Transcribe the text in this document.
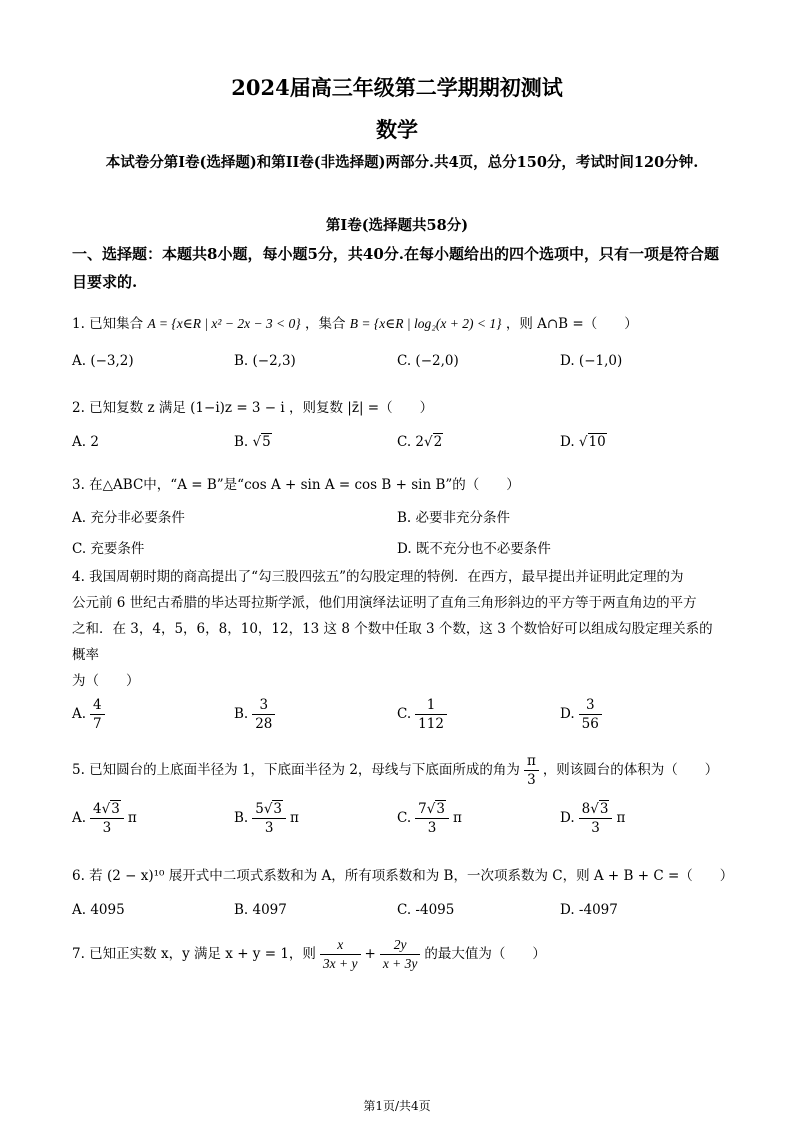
2024届高三年级第二学期期初测试
数学
本试卷分第I卷(选择题)和第II卷(非选择题)两部分.共4页，总分150分，考试时间120分钟.
第I卷(选择题共58分)
一、选择题：本题共8小题，每小题5分，共40分.在每小题给出的四个选项中，只有一项是符合题目要求的.
1. 已知集合 A = {x∈R | x² − 2x − 3 < 0} ，集合 B = {x∈R | log₂(x + 2) < 1} ，则 A∩B =（　　）
A. (−3,2)	B. (−2,3)	C. (−2,0)	D. (−1,0)
2. 已知复数 z 满足 (1−i)z = 3 − i ，则复数 |z̄| =（　　）
A. 2	B. √5	C. 2√2	D. √10
3. 在△ABC中，“A = B”是“cos A + sin A = cos B + sin B”的（　　）
A. 充分非必要条件	B. 必要非充分条件
C. 充要条件	D. 既不充分也不必要条件
4. 我国周朝时期的商高提出了“勾三股四弦五”的勾股定理的特例．在西方，最早提出并证明此定理的为
公元前 6 世纪古希腊的毕达哥拉斯学派，他们用演绎法证明了直角三角形斜边的平方等于两直角边的平方
之和．在 3，4，5，6，8，10，12，13 这 8 个数中任取 3 个数，这 3 个数恰好可以组成勾股定理关系的概率
为（　　）
A. $\frac{4}{7}$	B. $\frac{3}{28}$	C. $\frac{1}{112}$	D. $\frac{3}{56}$
5. 已知圆台的上底面半径为 1，下底面半径为 2，母线与下底面所成的角为 $\frac{\pi}{3}$ ，则该圆台的体积为（　　）
A. $\frac{4√3}{3}$ π	B. $\frac{5√3}{3}$ π	C. $\frac{7√3}{3}$ π	D. $\frac{8√3}{3}$ π
6. 若 (2 − x)¹⁰ 展开式中二项式系数和为 A，所有项系数和为 B，一次项系数为 C，则 A + B + C =（　　）
A. 4095	B. 4097	C. -4095	D. -4097
7. 已知正实数 x，y 满足 x + y = 1，则 $\frac{x}{3x + y} + \frac{2y}{x + 3y}$ 的最大值为（　　）
第1页/共4页
